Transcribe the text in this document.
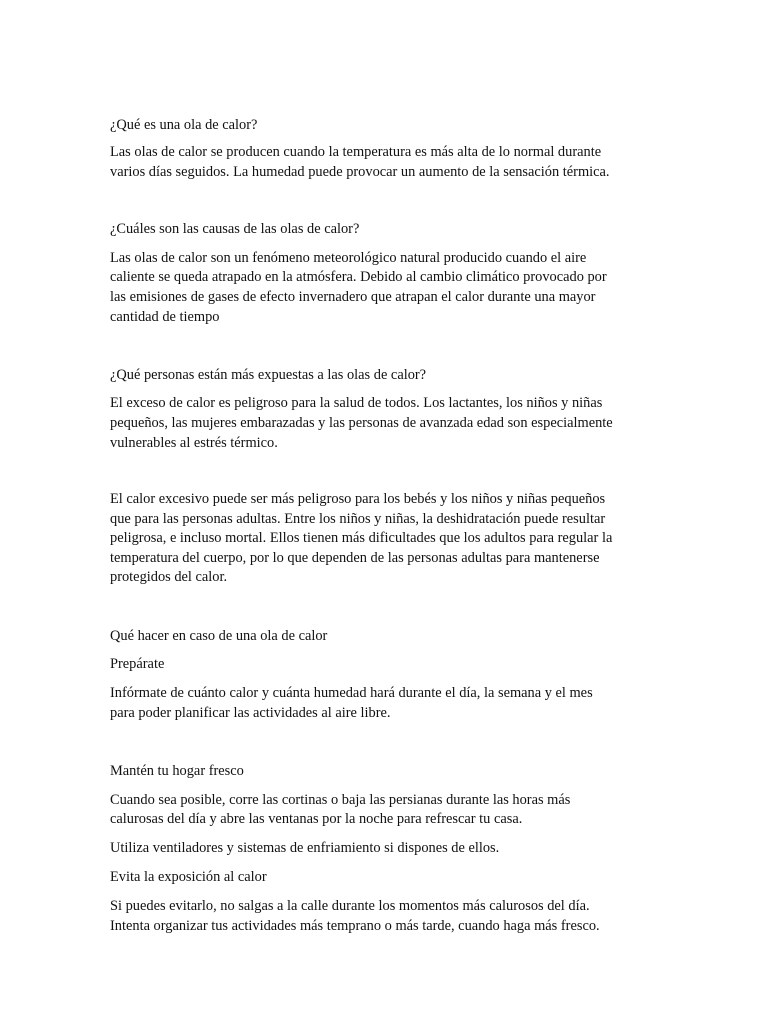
¿Qué es una ola de calor?

Las olas de calor se producen cuando la temperatura es más alta de lo normal durante

varios días seguidos. La humedad puede provocar un aumento de la sensación térmica.

¿Cuáles son las causas de las olas de calor?

Las olas de calor son un fenómeno meteorológico natural producido cuando el aire

caliente se queda atrapado en la atmósfera. Debido al cambio climático provocado por

las emisiones de gases de efecto invernadero que atrapan el calor durante una mayor

cantidad de tiempo

¿Qué personas están más expuestas a las olas de calor?

El exceso de calor es peligroso para la salud de todos. Los lactantes, los niños y niñas

pequeños, las mujeres embarazadas y las personas de avanzada edad son especialmente

vulnerables al estrés térmico.

El calor excesivo puede ser más peligroso para los bebés y los niños y niñas pequeños

que para las personas adultas. Entre los niños y niñas, la deshidratación puede resultar

peligrosa, e incluso mortal. Ellos tienen más dificultades que los adultos para regular la

temperatura del cuerpo, por lo que dependen de las personas adultas para mantenerse

protegidos del calor.

Qué hacer en caso de una ola de calor

Prepárate

Infórmate de cuánto calor y cuánta humedad hará durante el día, la semana y el mes

para poder planificar las actividades al aire libre.

Mantén tu hogar fresco

Cuando sea posible, corre las cortinas o baja las persianas durante las horas más

calurosas del día y abre las ventanas por la noche para refrescar tu casa.

Utiliza ventiladores y sistemas de enfriamiento si dispones de ellos.

Evita la exposición al calor

Si puedes evitarlo, no salgas a la calle durante los momentos más calurosos del día.

Intenta organizar tus actividades más temprano o más tarde, cuando haga más fresco.
